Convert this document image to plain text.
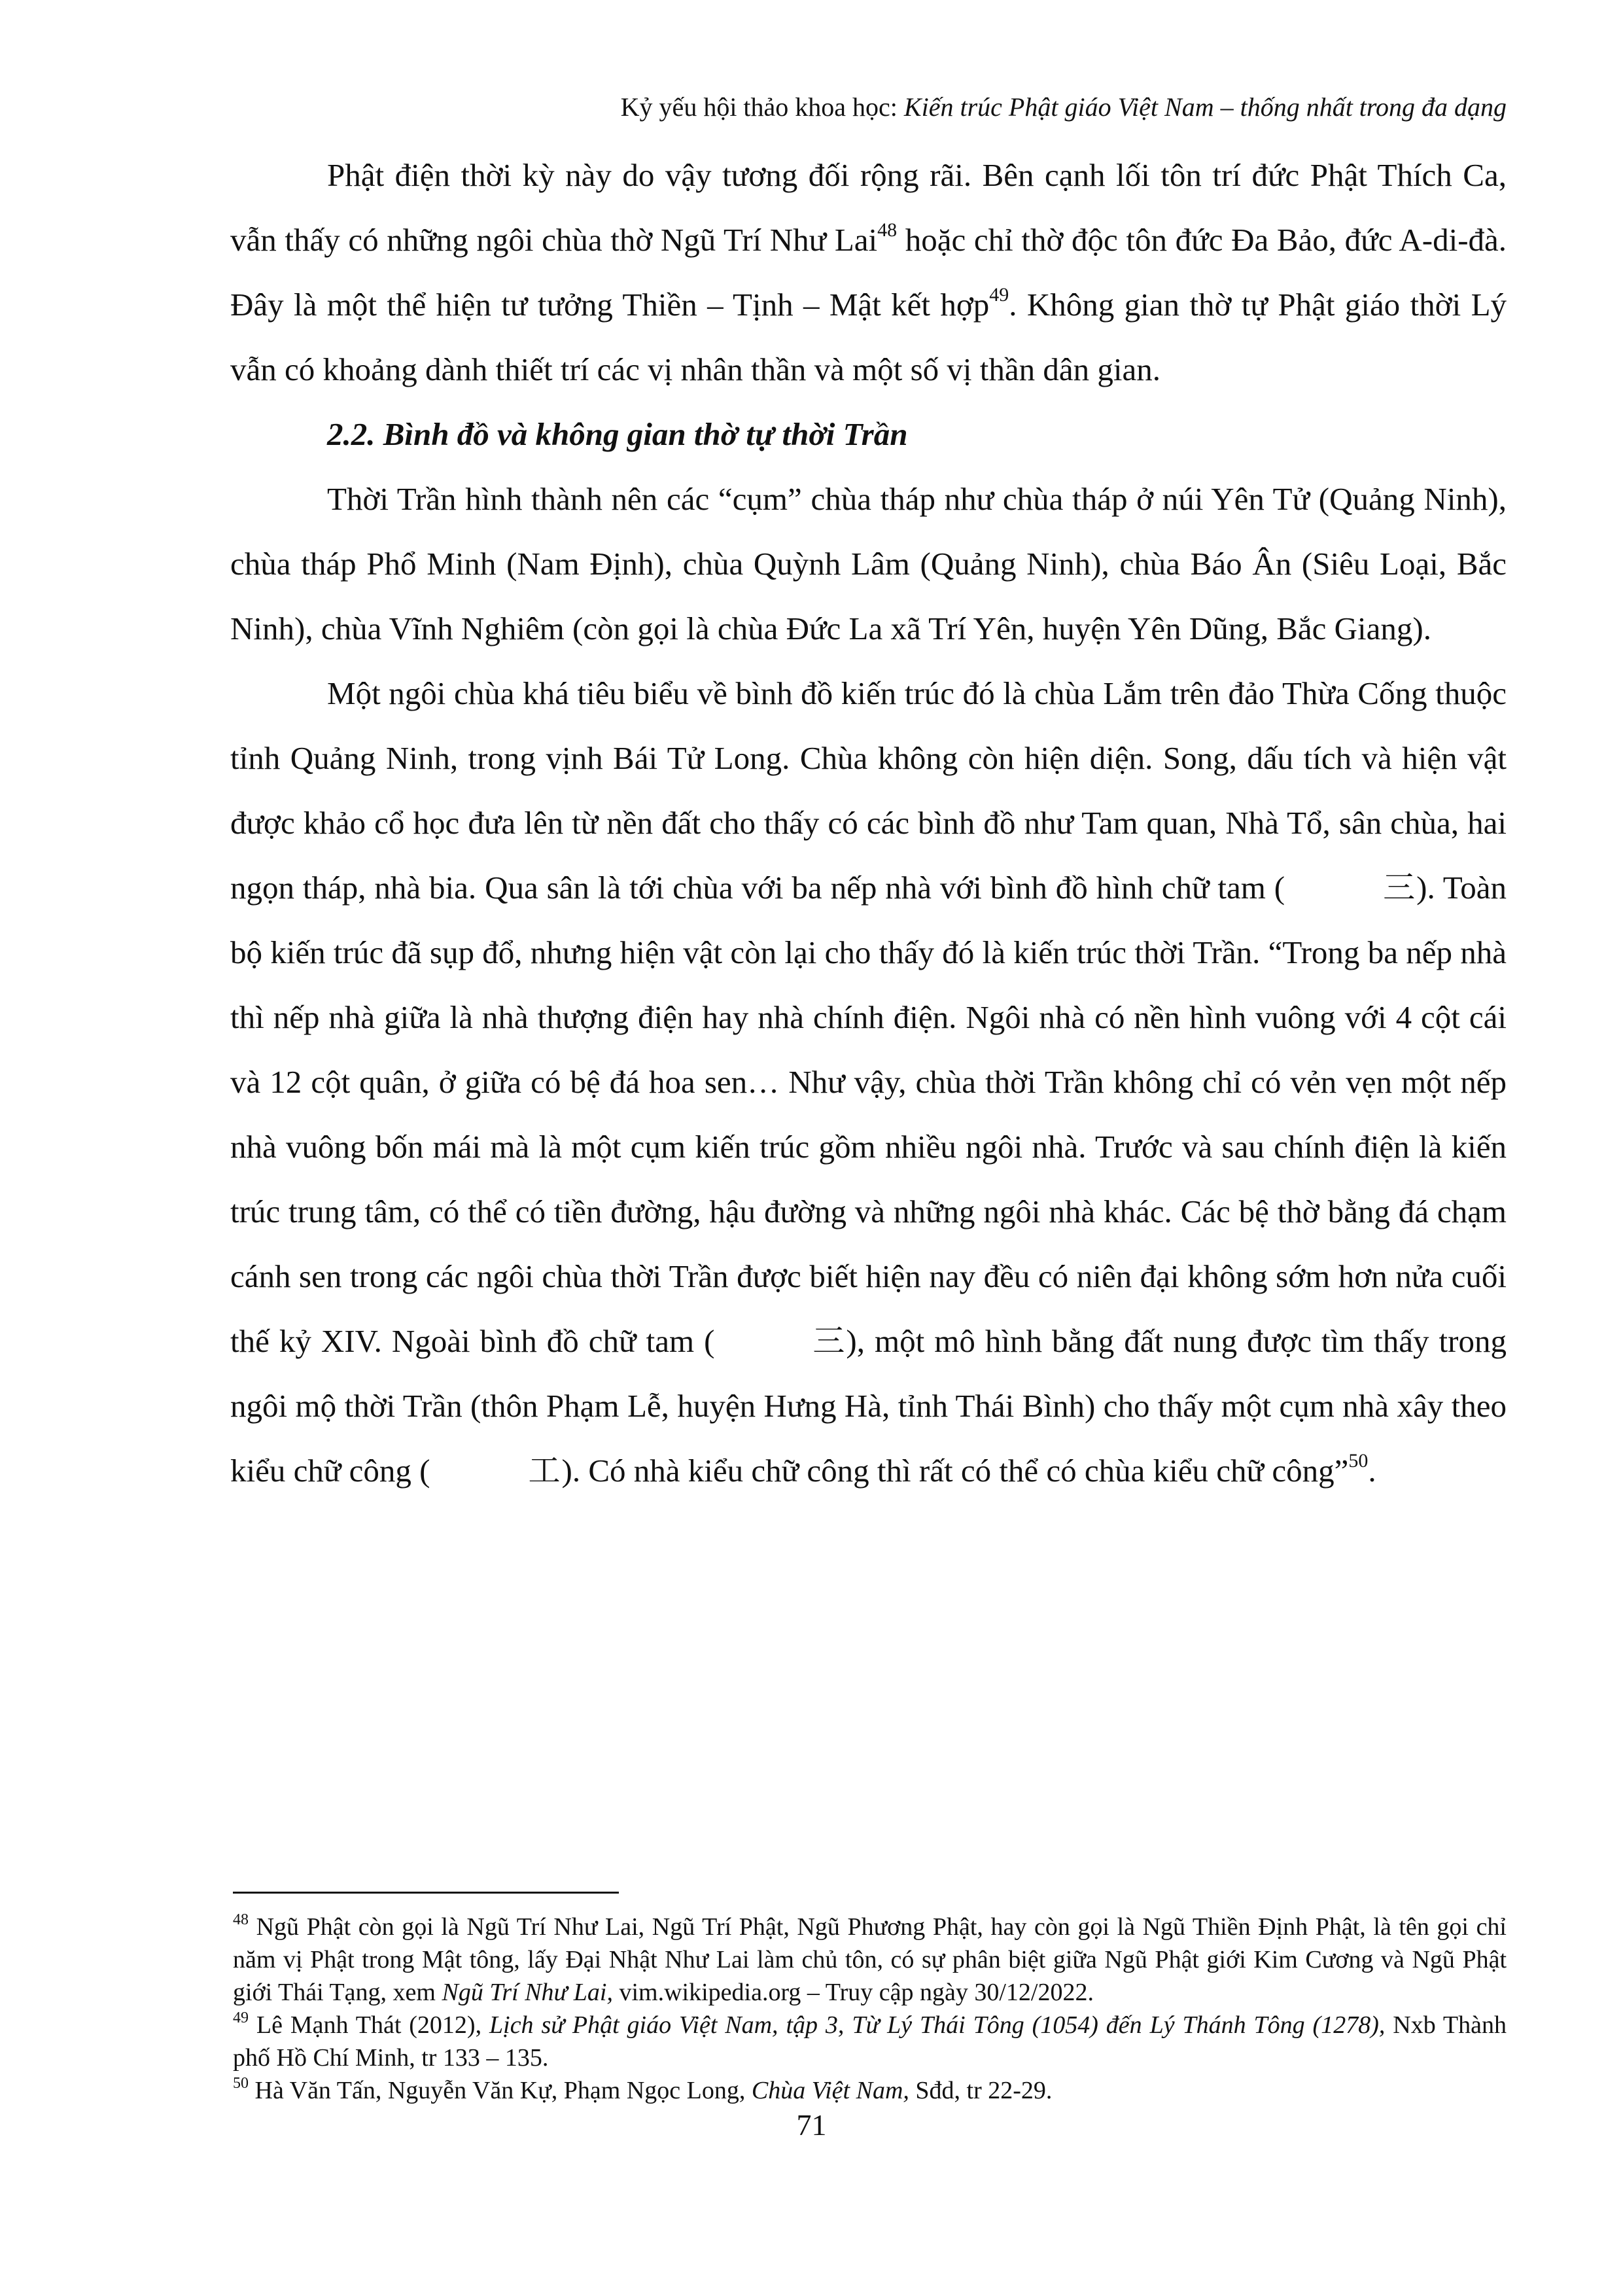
Kỷ yếu hội thảo khoa học: Kiến trúc Phật giáo Việt Nam – thống nhất trong đa dạng

Phật điện thời kỳ này do vậy tương đối rộng rãi. Bên cạnh lối tôn trí đức Phật Thích Ca, vẫn thấy có những ngôi chùa thờ Ngũ Trí Như Lai$^{48}$ hoặc chỉ thờ độc tôn đức Đa Bảo, đức A-di-đà. Đây là một thể hiện tư tưởng Thiền – Tịnh – Mật kết hợp$^{49}$. Không gian thờ tự Phật giáo thời Lý vẫn có khoảng dành thiết trí các vị nhân thần và một số vị thần dân gian.

2.2. Bình đồ và không gian thờ tự thời Trần

Thời Trần hình thành nên các “cụm” chùa tháp như chùa tháp ở núi Yên Tử (Quảng Ninh), chùa tháp Phổ Minh (Nam Định), chùa Quỳnh Lâm (Quảng Ninh), chùa Báo Ân (Siêu Loại, Bắc Ninh), chùa Vĩnh Nghiêm (còn gọi là chùa Đức La xã Trí Yên, huyện Yên Dũng, Bắc Giang).

Một ngôi chùa khá tiêu biểu về bình đồ kiến trúc đó là chùa Lắm trên đảo Thừa Cống thuộc tỉnh Quảng Ninh, trong vịnh Bái Tử Long. Chùa không còn hiện diện. Song, dấu tích và hiện vật được khảo cổ học đưa lên từ nền đất cho thấy có các bình đồ như Tam quan, Nhà Tổ, sân chùa, hai ngọn tháp, nhà bia. Qua sân là tới chùa với ba nếp nhà với bình đồ hình chữ tam (	三). Toàn bộ kiến trúc đã sụp đổ, nhưng hiện vật còn lại cho thấy đó là kiến trúc thời Trần. “Trong ba nếp nhà thì nếp nhà giữa là nhà thượng điện hay nhà chính điện. Ngôi nhà có nền hình vuông với 4 cột cái và 12 cột quân, ở giữa có bệ đá hoa sen… Như vậy, chùa thời Trần không chỉ có vẻn vẹn một nếp nhà vuông bốn mái mà là một cụm kiến trúc gồm nhiều ngôi nhà. Trước và sau chính điện là kiến trúc trung tâm, có thể có tiền đường, hậu đường và những ngôi nhà khác. Các bệ thờ bằng đá chạm cánh sen trong các ngôi chùa thời Trần được biết hiện nay đều có niên đại không sớm hơn nửa cuối thế kỷ XIV. Ngoài bình đồ chữ tam (	三), một mô hình bằng đất nung được tìm thấy trong ngôi mộ thời Trần (thôn Phạm Lễ, huyện Hưng Hà, tỉnh Thái Bình) cho thấy một cụm nhà xây theo kiểu chữ công (	工). Có nhà kiểu chữ công thì rất có thể có chùa kiểu chữ công”$^{50}$.

$^{48}$ Ngũ Phật còn gọi là Ngũ Trí Như Lai, Ngũ Trí Phật, Ngũ Phương Phật, hay còn gọi là Ngũ Thiền Định Phật, là tên gọi chỉ năm vị Phật trong Mật tông, lấy Đại Nhật Như Lai làm chủ tôn, có sự phân biệt giữa Ngũ Phật giới Kim Cương và Ngũ Phật giới Thái Tạng, xem Ngũ Trí Như Lai, vim.wikipedia.org – Truy cập ngày 30/12/2022.

$^{49}$ Lê Mạnh Thát (2012), Lịch sử Phật giáo Việt Nam, tập 3, Từ Lý Thái Tông (1054) đến Lý Thánh Tông (1278), Nxb Thành phố Hồ Chí Minh, tr 133 – 135.

$^{50}$ Hà Văn Tấn, Nguyễn Văn Kự, Phạm Ngọc Long, Chùa Việt Nam, Sđd, tr 22-29.

71
